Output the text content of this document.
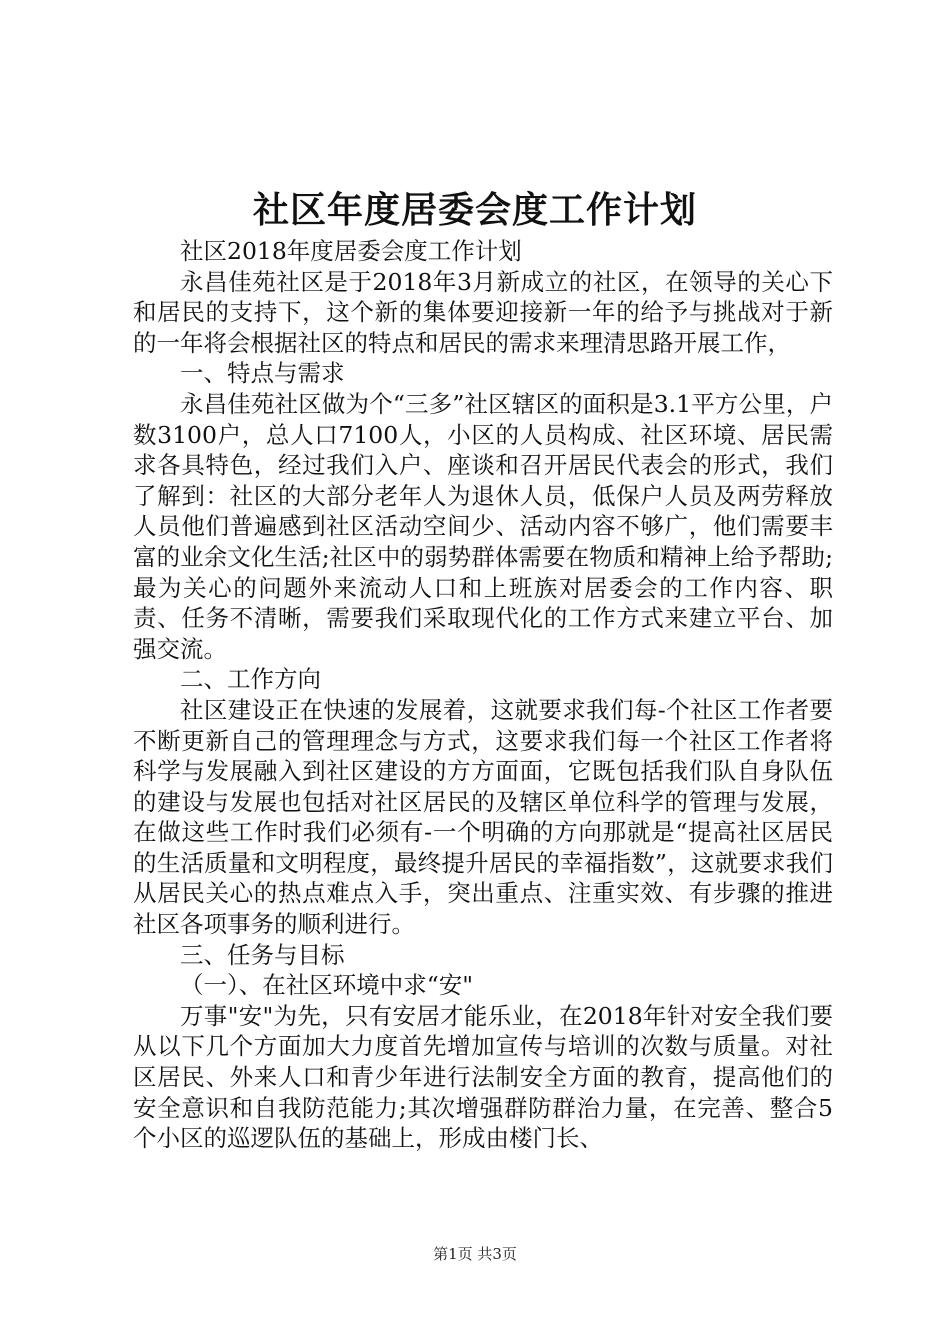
社区年度居委会度工作计划

社区2018年度居委会度工作计划

永昌佳苑社区是于2018年3月新成立的社区，在领导的关心下和居民的支持下，这个新的集体要迎接新一年的给予与挑战对于新的一年将会根据社区的特点和居民的需求来理清思路开展工作，

一、特点与需求

永昌佳苑社区做为个“三多”社区辖区的面积是3.1平方公里，户数3100户，总人口7100人，小区的人员构成、社区环境、居民需求各具特色，经过我们入户、座谈和召开居民代表会的形式，我们了解到：社区的大部分老年人为退休人员，低保户人员及两劳释放人员他们普遍感到社区活动空间少、活动内容不够广，他们需要丰富的业余文化生活;社区中的弱势群体需要在物质和精神上给予帮助;最为关心的问题外来流动人口和上班族对居委会的工作内容、职责、任务不清晰，需要我们采取现代化的工作方式来建立平台、加强交流。

二、工作方向

社区建设正在快速的发展着，这就要求我们每-个社区工作者要不断更新自己的管理理念与方式，这要求我们每一个社区工作者将科学与发展融入到社区建设的方方面面，它既包括我们队自身队伍的建设与发展也包括对社区居民的及辖区单位科学的管理与发展，在做这些工作时我们必须有-一个明确的方向那就是“提高社区居民的生活质量和文明程度，最终提升居民的幸福指数”，这就要求我们从居民关心的热点难点入手，突出重点、注重实效、有步骤的推进社区各项事务的顺利进行。

三、任务与目标

（一）、在社区环境中求“安"

万事"安"为先，只有安居才能乐业，在2018年针对安全我们要从以下几个方面加大力度首先增加宣传与培训的次数与质量。对社区居民、外来人口和青少年进行法制安全方面的教育，提高他们的安全意识和自我防范能力;其次增强群防群治力量，在完善、整合5个小区的巡逻队伍的基础上，形成由楼门长、

第1页 共3页
